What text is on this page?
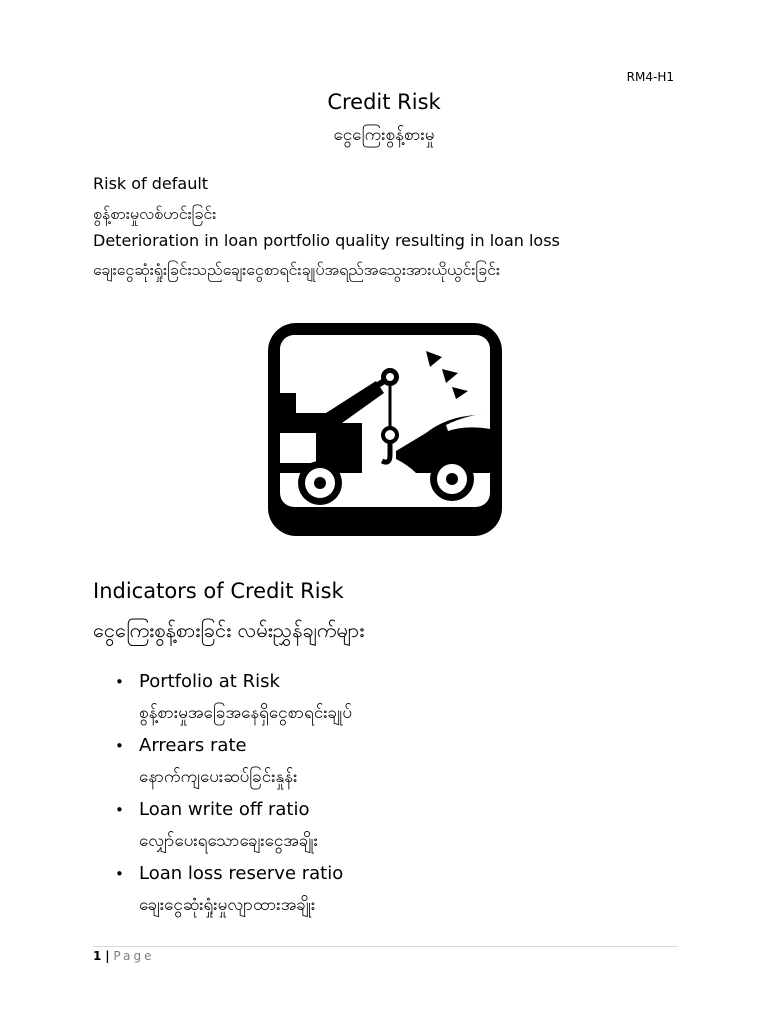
RM4-H1
Credit Risk
ငွေကြေးစွန့်စားမှု
Risk of default
စွန့်စားမှုလစ်ဟင်းခြင်း
Deterioration in loan portfolio quality resulting in loan loss
ချေးငွေဆုံးရှုံးခြင်းသည်ချေးငွေစာရင်းချုပ်အရည်အသွေးအားယိုယွင်းခြင်း
Indicators of Credit Risk
ငွေကြေးစွန့်စားခြင်း လမ်းညွှန်ချက်များ
• Portfolio at Risk
စွန့်စားမှုအခြေအနေရှိငွေစာရင်းချုပ်
• Arrears rate
နောက်ကျပေးဆပ်ခြင်းနှုန်း
• Loan write off ratio
လျှော်ပေးရသောချေးငွေအချိုး
• Loan loss reserve ratio
ချေးငွေဆုံးရှုံးမှုလျာထားအချိုး
1 | Page
